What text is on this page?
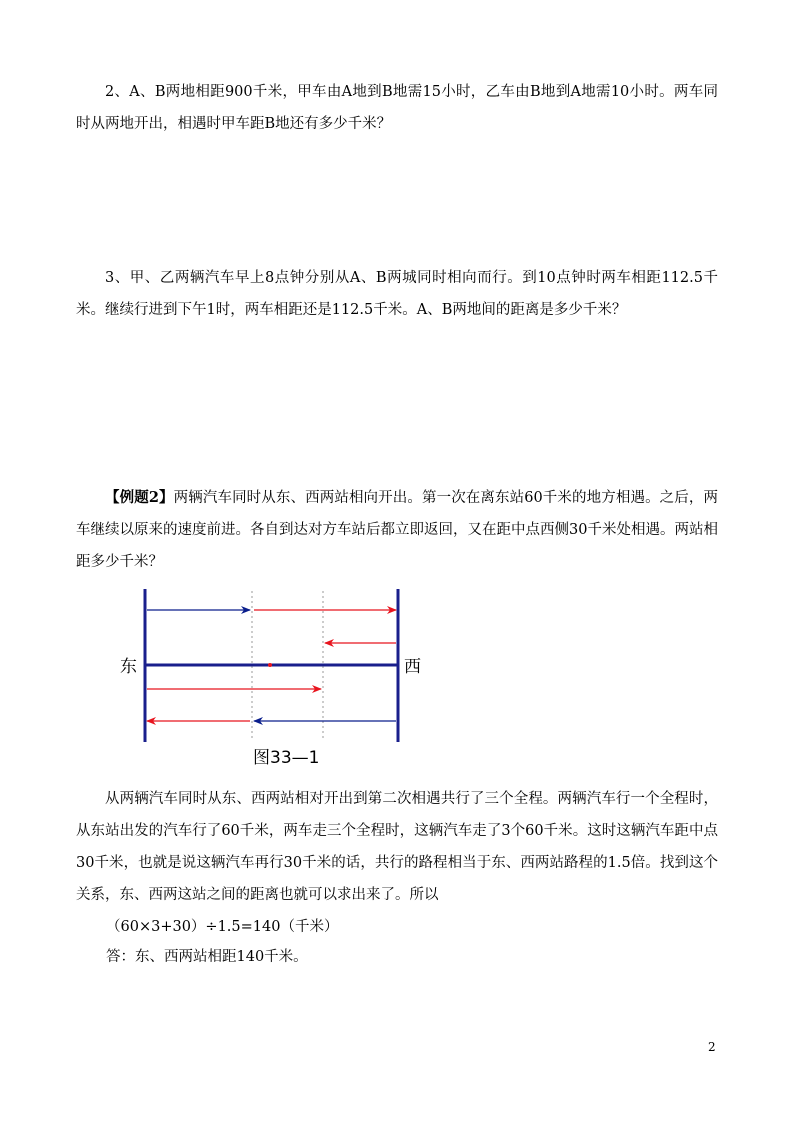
2、A、B两地相距900千米，甲车由A地到B地需15小时，乙车由B地到A地需10小时。两车同时从两地开出，相遇时甲车距B地还有多少千米？

3、甲、乙两辆汽车早上8点钟分别从A、B两城同时相向而行。到10点钟时两车相距112.5千米。继续行进到下午1时，两车相距还是112.5千米。A、B两地间的距离是多少千米？

【例题2】两辆汽车同时从东、西两站相向开出。第一次在离东站60千米的地方相遇。之后，两车继续以原来的速度前进。各自到达对方车站后都立即返回，又在距中点西侧30千米处相遇。两站相距多少千米？

东	西
图33—1

从两辆汽车同时从东、西两站相对开出到第二次相遇共行了三个全程。两辆汽车行一个全程时，从东站出发的汽车行了60千米，两车走三个全程时，这辆汽车走了3个60千米。这时这辆汽车距中点30千米，也就是说这辆汽车再行30千米的话，共行的路程相当于东、西两站路程的1.5倍。找到这个关系，东、西两这站之间的距离也就可以求出来了。所以

（60×3+30）÷1.5=140（千米）
答：东、西两站相距140千米。
2
